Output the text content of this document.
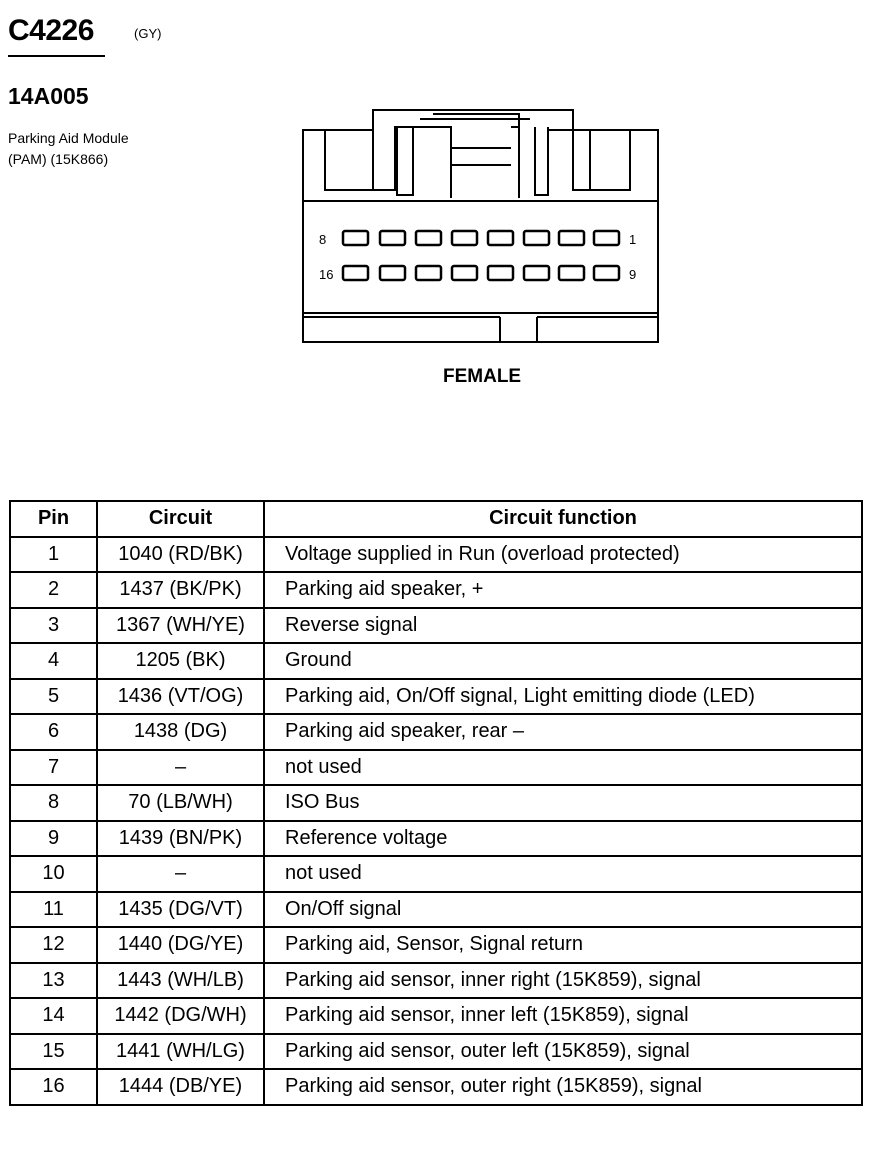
C4226	(GY)
14A005
Parking Aid Module
(PAM) (15K866)
8	1
16	9
FEMALE
Pin	Circuit	Circuit function
1	1040 (RD/BK)	Voltage supplied in Run (overload protected)
2	1437 (BK/PK)	Parking aid speaker, +
3	1367 (WH/YE)	Reverse signal
4	1205 (BK)	Ground
5	1436 (VT/OG)	Parking aid, On/Off signal, Light emitting diode (LED)
6	1438 (DG)	Parking aid speaker, rear –
7	–	not used
8	70 (LB/WH)	ISO Bus
9	1439 (BN/PK)	Reference voltage
10	–	not used
11	1435 (DG/VT)	On/Off signal
12	1440 (DG/YE)	Parking aid, Sensor, Signal return
13	1443 (WH/LB)	Parking aid sensor, inner right (15K859), signal
14	1442 (DG/WH)	Parking aid sensor, inner left (15K859), signal
15	1441 (WH/LG)	Parking aid sensor, outer left (15K859), signal
16	1444 (DB/YE)	Parking aid sensor, outer right (15K859), signal
